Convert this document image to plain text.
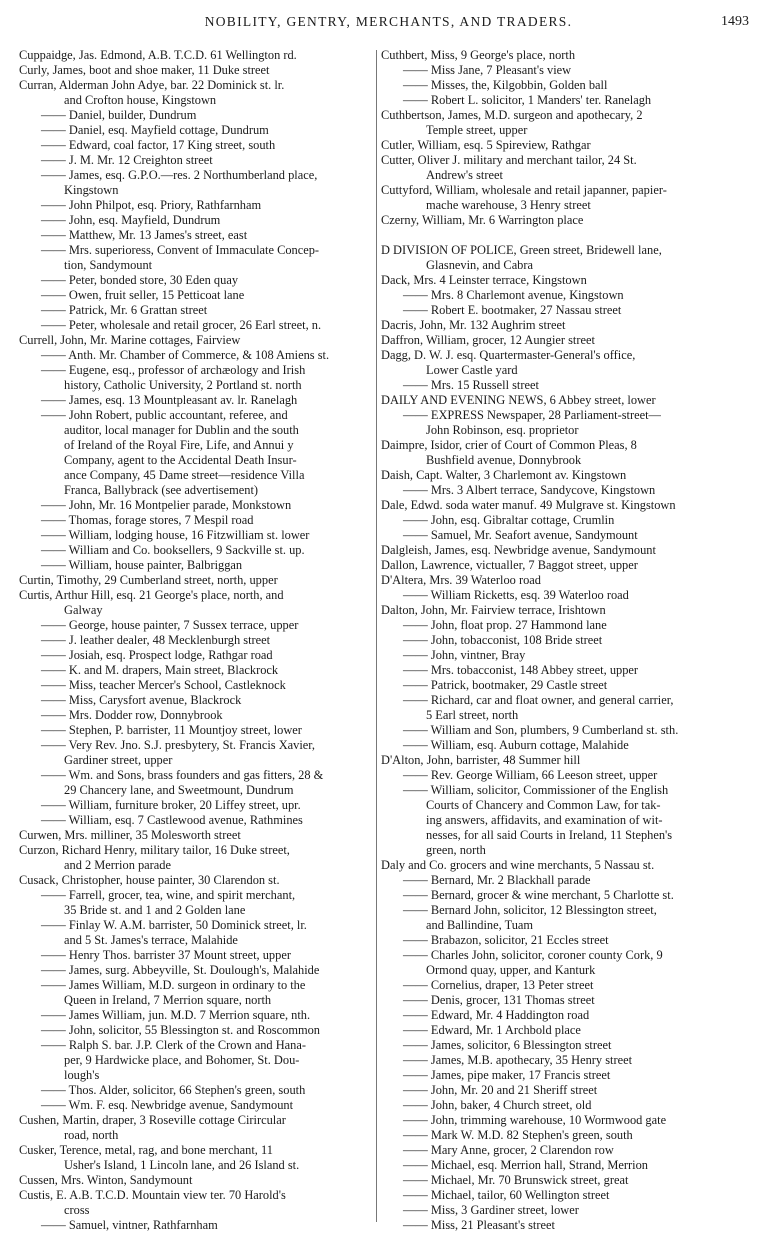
NOBILITY, GENTRY, MERCHANTS, AND TRADERS.	1493
Cuppaidge, Jas. Edmond, A.B. T.C.D. 61 Wellington rd.
Curly, James, boot and shoe maker, 11 Duke street
Curran, Alderman John Adye, bar. 22 Dominick st. lr.
and Crofton house, Kingstown
—— Daniel, builder, Dundrum
—— Daniel, esq. Mayfield cottage, Dundrum
—— Edward, coal factor, 17 King street, south
—— J. M. Mr. 12 Creighton street
—— James, esq. G.P.O.—res. 2 Northumberland place,
Kingstown
—— John Philpot, esq. Priory, Rathfarnham
—— John, esq. Mayfield, Dundrum
—— Matthew, Mr. 13 James's street, east
—— Mrs. superioress, Convent of Immaculate Concep-
tion, Sandymount
—— Peter, bonded store, 30 Eden quay
—— Owen, fruit seller, 15 Petticoat lane
—— Patrick, Mr. 6 Grattan street
—— Peter, wholesale and retail grocer, 26 Earl street, n.
Currell, John, Mr. Marine cottages, Fairview
—— Anth. Mr. Chamber of Commerce, & 108 Amiens st.
—— Eugene, esq., professor of archæology and Irish
history, Catholic University, 2 Portland st. north
—— James, esq. 13 Mountpleasant av. lr. Ranelagh
—— John Robert, public accountant, referee, and
auditor, local manager for Dublin and the south
of Ireland of the Royal Fire, Life, and Annui y
Company, agent to the Accidental Death Insur-
ance Company, 45 Dame street—residence Villa
Franca, Ballybrack (see advertisement)
—— John, Mr. 16 Montpelier parade, Monkstown
—— Thomas, forage stores, 7 Mespil road
—— William, lodging house, 16 Fitzwilliam st. lower
—— William and Co. booksellers, 9 Sackville st. up.
—— William, house painter, Balbriggan
Curtin, Timothy, 29 Cumberland street, north, upper
Curtis, Arthur Hill, esq. 21 George's place, north, and
Galway
—— George, house painter, 7 Sussex terrace, upper
—— J. leather dealer, 48 Mecklenburgh street
—— Josiah, esq. Prospect lodge, Rathgar road
—— K. and M. drapers, Main street, Blackrock
—— Miss, teacher Mercer's School, Castleknock
—— Miss, Carysfort avenue, Blackrock
—— Mrs. Dodder row, Donnybrook
—— Stephen, P. barrister, 11 Mountjoy street, lower
—— Very Rev. Jno. S.J. presbytery, St. Francis Xavier,
Gardiner street, upper
—— Wm. and Sons, brass founders and gas fitters, 28 &
29 Chancery lane, and Sweetmount, Dundrum
—— William, furniture broker, 20 Liffey street, upr.
—— William, esq. 7 Castlewood avenue, Rathmines
Curwen, Mrs. milliner, 35 Molesworth street
Curzon, Richard Henry, military tailor, 16 Duke street,
and 2 Merrion parade
Cusack, Christopher, house painter, 30 Clarendon st.
—— Farrell, grocer, tea, wine, and spirit merchant,
35 Bride st. and 1 and 2 Golden lane
—— Finlay W. A.M. barrister, 50 Dominick street, lr.
and 5 St. James's terrace, Malahide
—— Henry Thos. barrister 37 Mount street, upper
—— James, surg. Abbeyville, St. Doulough's, Malahide
—— James William, M.D. surgeon in ordinary to the
Queen in Ireland, 7 Merrion square, north
—— James William, jun. M.D. 7 Merrion square, nth.
—— John, solicitor, 55 Blessington st. and Roscommon
—— Ralph S. bar. J.P. Clerk of the Crown and Hana-
per, 9 Hardwicke place, and Bohomer, St. Dou-
lough's
—— Thos. Alder, solicitor, 66 Stephen's green, south
—— Wm. F. esq. Newbridge avenue, Sandymount
Cushen, Martin, draper, 3 Roseville cottage Cirircular
road, north
Cusker, Terence, metal, rag, and bone merchant, 11
Usher's Island, 1 Lincoln lane, and 26 Island st.
Cussen, Mrs. Winton, Sandymount
Custis, E. A.B. T.C.D. Mountain view ter. 70 Harold's
cross
—— Samuel, vintner, Rathfarnham
Cuthbert, Miss, 9 George's place, north
—— Miss Jane, 7 Pleasant's view
—— Misses, the, Kilgobbin, Golden ball
—— Robert L. solicitor, 1 Manders' ter. Ranelagh
Cuthbertson, James, M.D. surgeon and apothecary, 2
Temple street, upper
Cutler, William, esq. 5 Spireview, Rathgar
Cutter, Oliver J. military and merchant tailor, 24 St.
Andrew's street
Cuttyford, William, wholesale and retail japanner, papier-
mache warehouse, 3 Henry street
Czerny, William, Mr. 6 Warrington place
D DIVISION OF POLICE, Green street, Bridewell lane,
Glasnevin, and Cabra
Dack, Mrs. 4 Leinster terrace, Kingstown
—— Mrs. 8 Charlemont avenue, Kingstown
—— Robert E. bootmaker, 27 Nassau street
Dacris, John, Mr. 132 Aughrim street
Daffron, William, grocer, 12 Aungier street
Dagg, D. W. J. esq. Quartermaster-General's office,
Lower Castle yard
—— Mrs. 15 Russell street
DAILY AND EVENING NEWS, 6 Abbey street, lower
—— EXPRESS Newspaper, 28 Parliament-street—
John Robinson, esq. proprietor
Daimpre, Isidor, crier of Court of Common Pleas, 8
Bushfield avenue, Donnybrook
Daish, Capt. Walter, 3 Charlemont av. Kingstown
—— Mrs. 3 Albert terrace, Sandycove, Kingstown
Dale, Edwd. soda water manuf. 49 Mulgrave st. Kingstown
—— John, esq. Gibraltar cottage, Crumlin
—— Samuel, Mr. Seafort avenue, Sandymount
Dalgleish, James, esq. Newbridge avenue, Sandymount
Dallon, Lawrence, victualler, 7 Baggot street, upper
D'Altera, Mrs. 39 Waterloo road
—— William Ricketts, esq. 39 Waterloo road
Dalton, John, Mr. Fairview terrace, Irishtown
—— John, float prop. 27 Hammond lane
—— John, tobacconist, 108 Bride street
—— John, vintner, Bray
—— Mrs. tobacconist, 148 Abbey street, upper
—— Patrick, bootmaker, 29 Castle street
—— Richard, car and float owner, and general carrier,
5 Earl street, north
—— William and Son, plumbers, 9 Cumberland st. sth.
—— William, esq. Auburn cottage, Malahide
D'Alton, John, barrister, 48 Summer hill
—— Rev. George William, 66 Leeson street, upper
—— William, solicitor, Commissioner of the English
Courts of Chancery and Common Law, for tak-
ing answers, affidavits, and examination of wit-
nesses, for all said Courts in Ireland, 11 Stephen's
green, north
Daly and Co. grocers and wine merchants, 5 Nassau st.
—— Bernard, Mr. 2 Blackhall parade
—— Bernard, grocer & wine merchant, 5 Charlotte st.
—— Bernard John, solicitor, 12 Blessington street,
and Ballindine, Tuam
—— Brabazon, solicitor, 21 Eccles street
—— Charles John, solicitor, coroner county Cork, 9
Ormond quay, upper, and Kanturk
—— Cornelius, draper, 13 Peter street
—— Denis, grocer, 131 Thomas street
—— Edward, Mr. 4 Haddington road
—— Edward, Mr. 1 Archbold place
—— James, solicitor, 6 Blessington street
—— James, M.B. apothecary, 35 Henry street
—— James, pipe maker, 17 Francis street
—— John, Mr. 20 and 21 Sheriff street
—— John, baker, 4 Church street, old
—— John, trimming warehouse, 10 Wormwood gate
—— Mark W. M.D. 82 Stephen's green, south
—— Mary Anne, grocer, 2 Clarendon row
—— Michael, esq. Merrion hall, Strand, Merrion
—— Michael, Mr. 70 Brunswick street, great
—— Michael, tailor, 60 Wellington street
—— Miss, 3 Gardiner street, lower
—— Miss, 21 Pleasant's street
